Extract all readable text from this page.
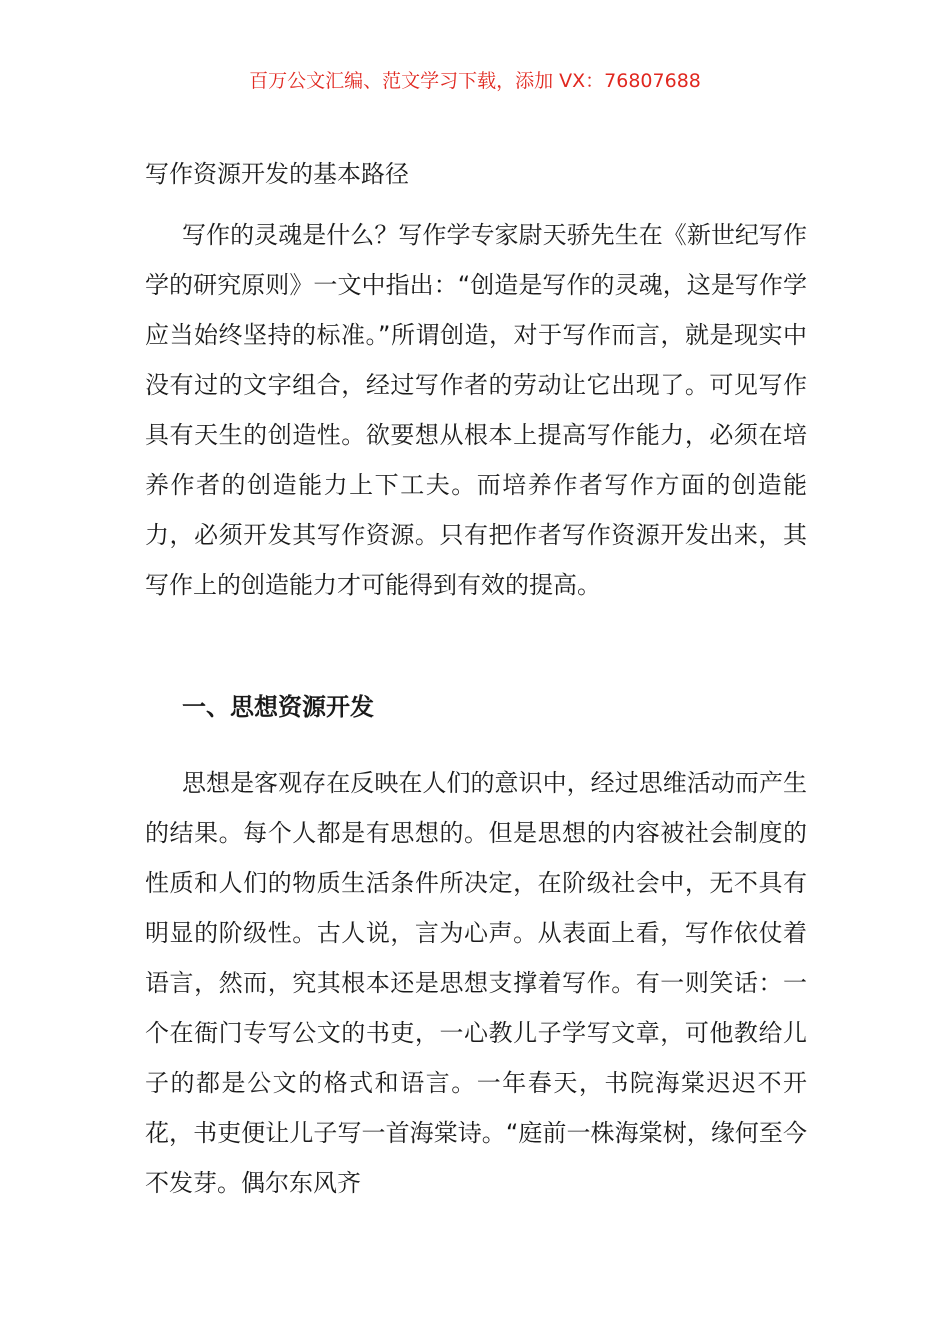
百万公文汇编、范文学习下载，添加 VX：76807688
写作资源开发的基本路径

写作的灵魂是什么？写作学专家尉天骄先生在《新世纪写作学的研究原则》一文中指出：“创造是写作的灵魂，这是写作学应当始终坚持的标准。”所谓创造，对于写作而言，就是现实中没有过的文字组合，经过写作者的劳动让它出现了。可见写作具有天生的创造性。欲要想从根本上提高写作能力，必须在培养作者的创造能力上下工夫。而培养作者写作方面的创造能力，必须开发其写作资源。只有把作者写作资源开发出来，其写作上的创造能力才可能得到有效的提高。

一、思想资源开发

思想是客观存在反映在人们的意识中，经过思维活动而产生的结果。每个人都是有思想的。但是思想的内容被社会制度的性质和人们的物质生活条件所决定，在阶级社会中，无不具有明显的阶级性。古人说，言为心声。从表面上看，写作依仗着语言，然而，究其根本还是思想支撑着写作。有一则笑话：一个在衙门专写公文的书吏，一心教儿子学写文章，可他教给儿子的都是公文的格式和语言。一年春天，书院海棠迟迟不开花，书吏便让儿子写一首海棠诗。“庭前一株海棠树，缘何至今不发芽。偶尔东风齐
